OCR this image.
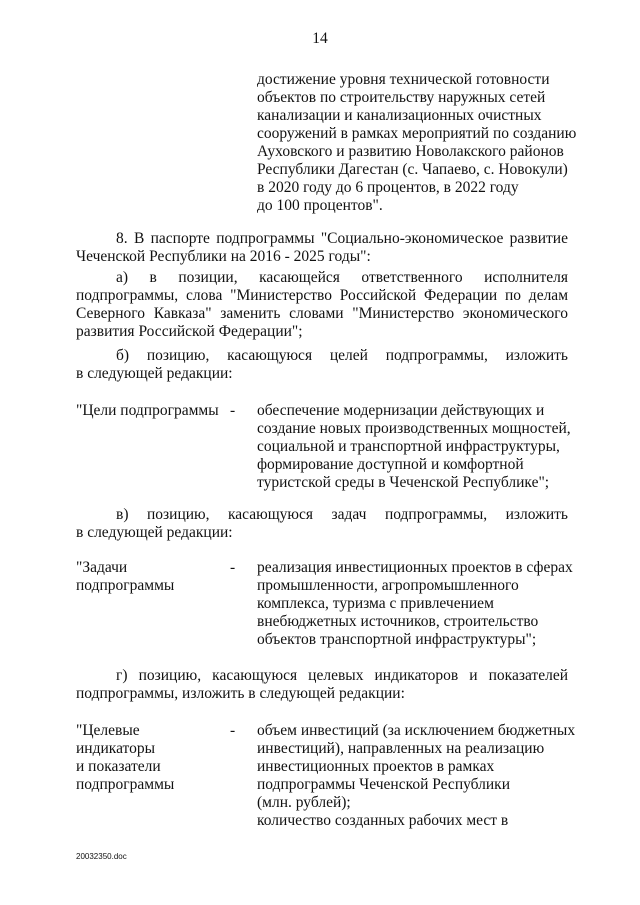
14
достижение уровня технической готовности
объектов по строительству наружных сетей
канализации и канализационных очистных
сооружений в рамках мероприятий по созданию
Ауховского и развитию Новолакского районов
Республики Дагестан (с. Чапаево, с. Новокули)
в 2020 году до 6 процентов, в 2022 году
до 100 процентов".
8. В паспорте подпрограммы "Социально-экономическое развитие
Чеченской Республики на 2016 - 2025 годы":
а) в позиции, касающейся ответственного исполнителя
подпрограммы, слова "Министерство Российской Федерации по делам
Северного Кавказа" заменить словами "Министерство экономического
развития Российской Федерации";
б) позицию, касающуюся целей подпрограммы, изложить
в следующей редакции:
"Цели подпрограммы - обеспечение модернизации действующих и
создание новых производственных мощностей,
социальной и транспортной инфраструктуры,
формирование доступной и комфортной
туристской среды в Чеченской Республике";
в) позицию, касающуюся задач подпрограммы, изложить
в следующей редакции:
"Задачи
подпрограммы
- реализация инвестиционных проектов в сферах
промышленности, агропромышленного
комплекса, туризма с привлечением
внебюджетных источников, строительство
объектов транспортной инфраструктуры";
г) позицию, касающуюся целевых индикаторов и показателей
подпрограммы, изложить в следующей редакции:
"Целевые
индикаторы
и показатели
подпрограммы
- объем инвестиций (за исключением бюджетных
инвестиций), направленных на реализацию
инвестиционных проектов в рамках
подпрограммы Чеченской Республики
(млн. рублей);
количество созданных рабочих мест в
20032350.doc
